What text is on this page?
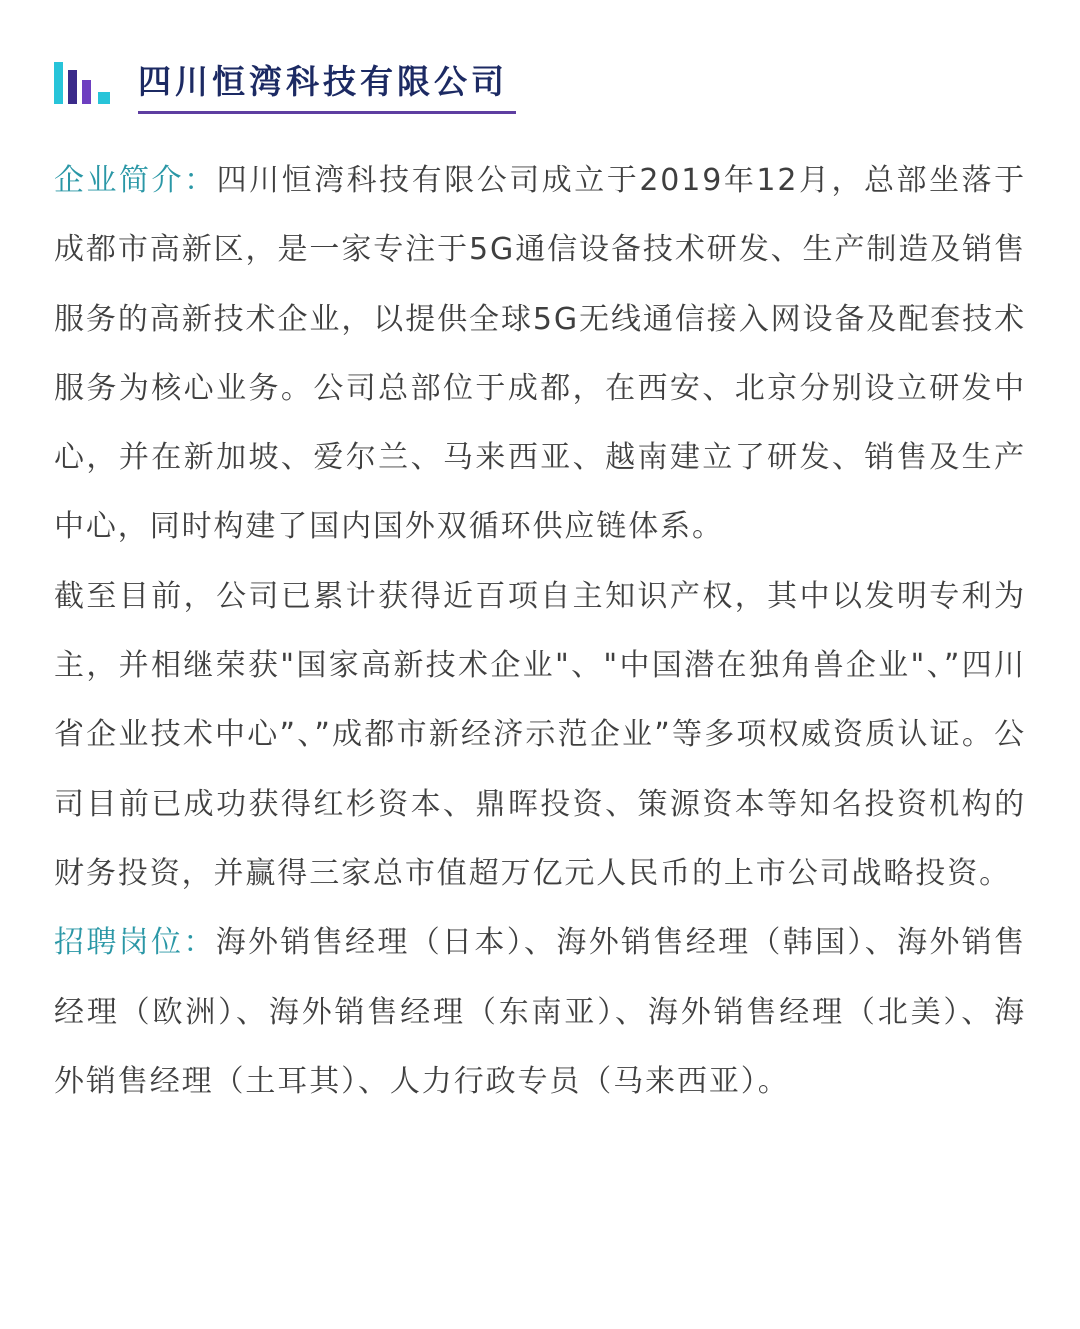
四川恒湾科技有限公司

企业简介：四川恒湾科技有限公司成立于2019年12月，总部坐落于成都市高新区，是一家专注于5G通信设备技术研发、生产制造及销售服务的高新技术企业，以提供全球5G无线通信接入网设备及配套技术服务为核心业务。公司总部位于成都，在西安、北京分别设立研发中心，并在新加坡、爱尔兰、马来西亚、越南建立了研发、销售及生产中心，同时构建了国内国外双循环供应链体系。

截至目前，公司已累计获得近百项自主知识产权，其中以发明专利为主，并相继荣获"国家高新技术企业"、"中国潜在独角兽企业"、”四川省企业技术中心”、”成都市新经济示范企业”等多项权威资质认证。公司目前已成功获得红杉资本、鼎晖投资、策源资本等知名投资机构的财务投资，并赢得三家总市值超万亿元人民币的上市公司战略投资。

招聘岗位：海外销售经理（日本）、海外销售经理（韩国）、海外销售经理（欧洲）、海外销售经理（东南亚）、海外销售经理（北美）、海外销售经理（土耳其）、人力行政专员（马来西亚）。
